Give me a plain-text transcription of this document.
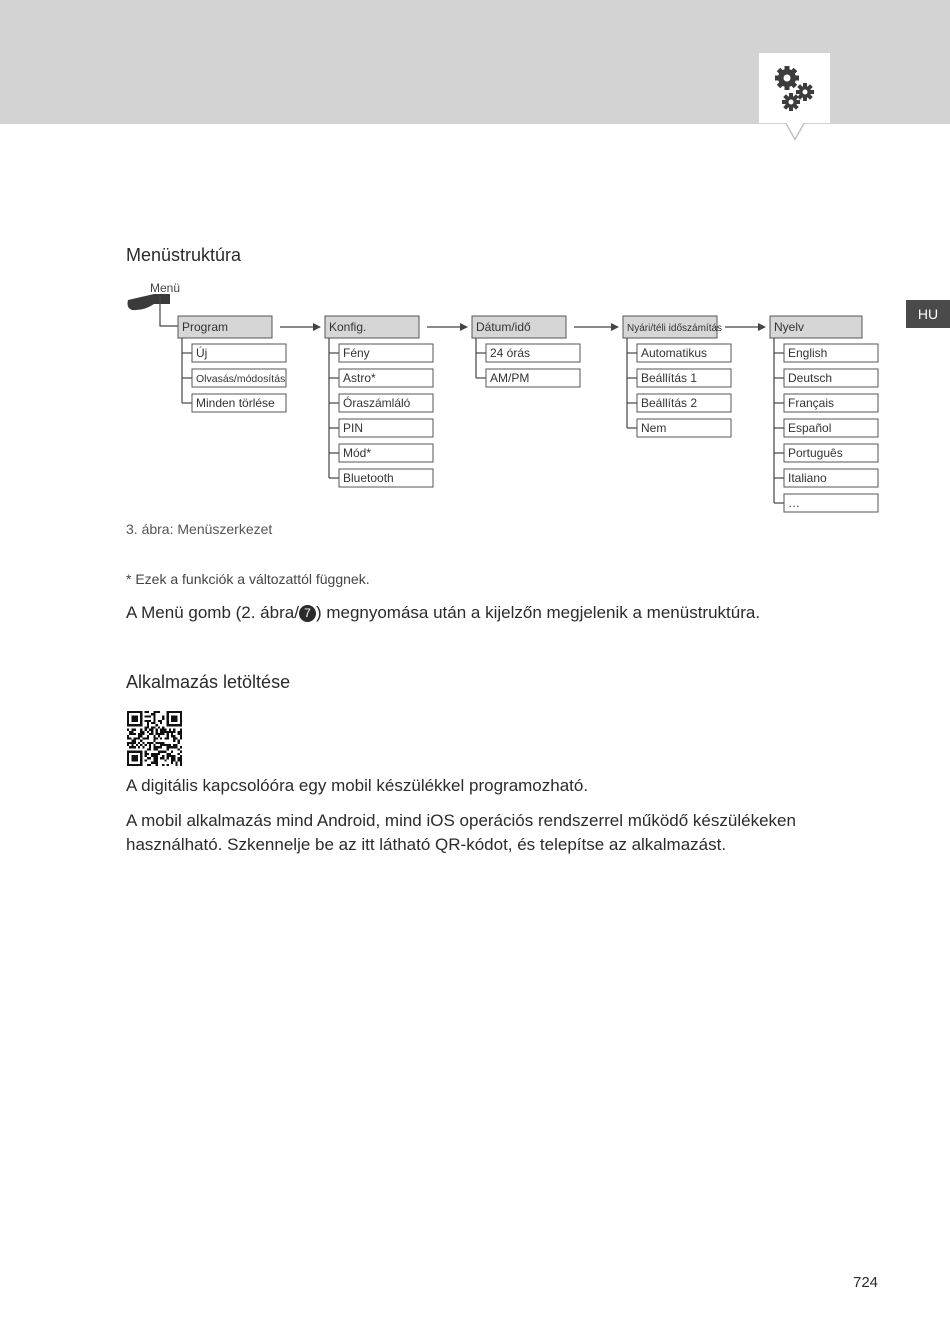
HU
Menüstruktúra
Menü
Program
Új
Olvasás/módosítás
Minden törlése
Konfig.
Fény
Astro*
Óraszámláló
PIN
Mód*
Bluetooth
Dátum/idő
24 órás
AM/PM
Nyári/téli időszámítás
Automatikus
Beállítás 1
Beállítás 2
Nem
Nyelv
English
Deutsch
Français
Español
Português
Italiano
…
3. ábra: Menüszerkezet
* Ezek a funkciók a változattól függnek.
A Menü gomb (2. ábra/ 7 ) megnyomása után a kijelzőn megjelenik a menüstruktúra.
Alkalmazás letöltése
A digitális kapcsolóóra egy mobil készülékkel programozható.
A mobil alkalmazás mind Android, mind iOS operációs rendszerrel működő készülékeken használható. Szkennelje be az itt látható QR-kódot, és telepítse az alkalmazást.
724
